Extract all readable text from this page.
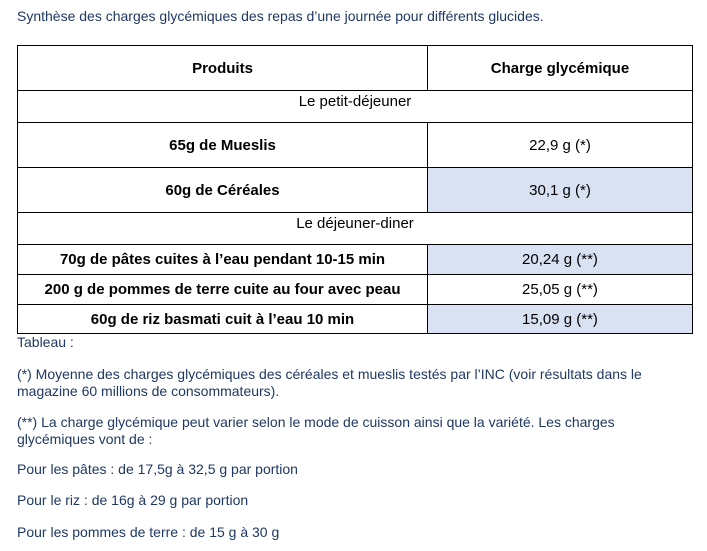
Synthèse des charges glycémiques des repas d’une journée pour différents glucides.
Produits	Charge glycémique
Le petit-déjeuner	
65g de Mueslis	22,9 g (*)
60g de Céréales	30,1 g (*)
Le déjeuner-diner	
70g de pâtes cuites à l’eau pendant 10-15 min	20,24 g (**)
200 g de pommes de terre cuite au four avec peau	25,05 g (**)
60g de riz basmati cuit à l’eau 10 min	15,09 g (**)

Tableau :

(*) Moyenne des charges glycémiques des céréales et mueslis testés par l’INC (voir résultats dans le magazine 60 millions de consommateurs).

(**) La charge glycémique peut varier selon le mode de cuisson ainsi que la variété. Les charges glycémiques vont de :

Pour les pâtes : de 17,5g à 32,5 g par portion

Pour le riz : de 16g à 29 g par portion

Pour les pommes de terre : de 15 g à 30 g
